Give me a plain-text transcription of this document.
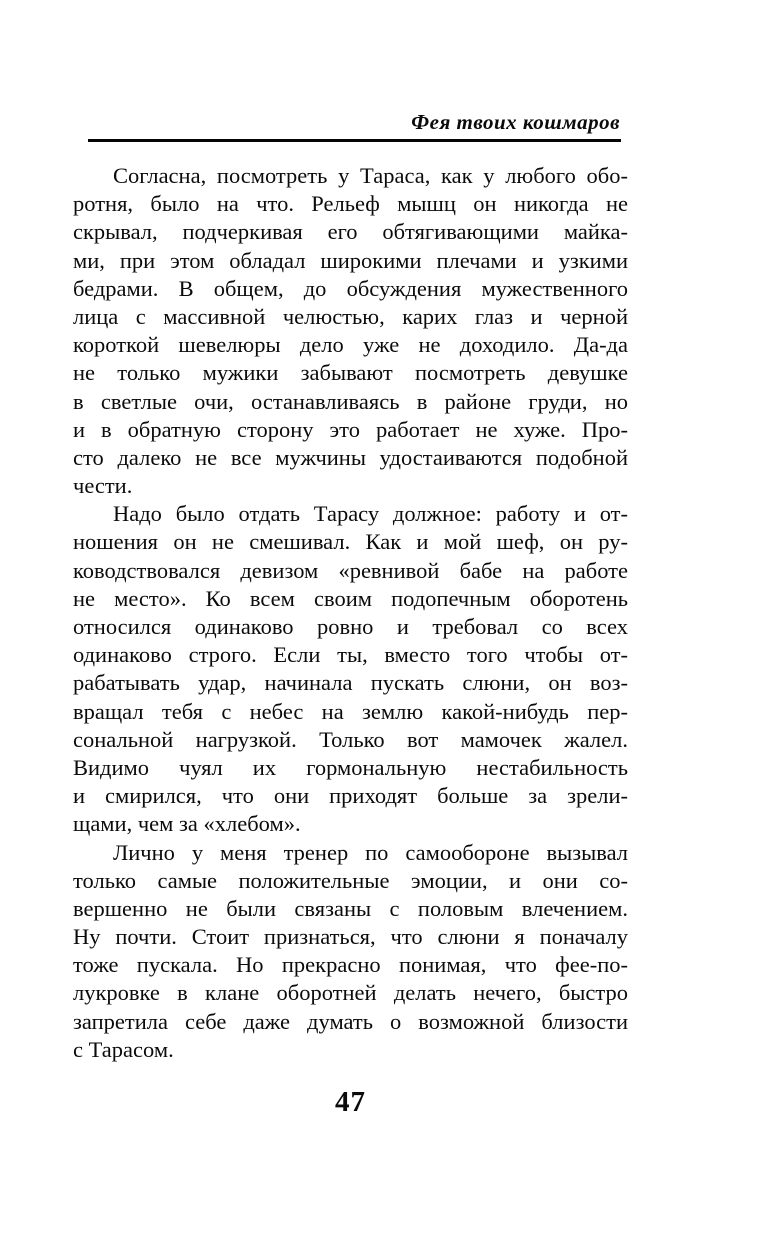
Фея твоих кошмаров
Согласна, посмотреть у Тараса, как у любого обо-
ротня, было на что. Рельеф мышц он никогда не
скрывал, подчеркивая его обтягивающими майка-
ми, при этом обладал широкими плечами и узкими
бедрами. В общем, до обсуждения мужественного
лица с массивной челюстью, карих глаз и черной
короткой шевелюры дело уже не доходило. Да-да
не только мужики забывают посмотреть девушке
в светлые очи, останавливаясь в районе груди, но
и в обратную сторону это работает не хуже. Про-
сто далеко не все мужчины удостаиваются подобной
чести.
Надо было отдать Тарасу должное: работу и от-
ношения он не смешивал. Как и мой шеф, он ру-
ководствовался девизом «ревнивой бабе на работе
не место». Ко всем своим подопечным оборотень
относился одинаково ровно и требовал со всех
одинаково строго. Если ты, вместо того чтобы от-
рабатывать удар, начинала пускать слюни, он воз-
вращал тебя с небес на землю какой-нибудь пер-
сональной нагрузкой. Только вот мамочек жалел.
Видимо чуял их гормональную нестабильность
и смирился, что они приходят больше за зрели-
щами, чем за «хлебом».
Лично у меня тренер по самообороне вызывал
только самые положительные эмоции, и они со-
вершенно не были связаны с половым влечением.
Ну почти. Стоит признаться, что слюни я поначалу
тоже пускала. Но прекрасно понимая, что фее-по-
лукровке в клане оборотней делать нечего, быстро
запретила себе даже думать о возможной близости
с Тарасом.
47
